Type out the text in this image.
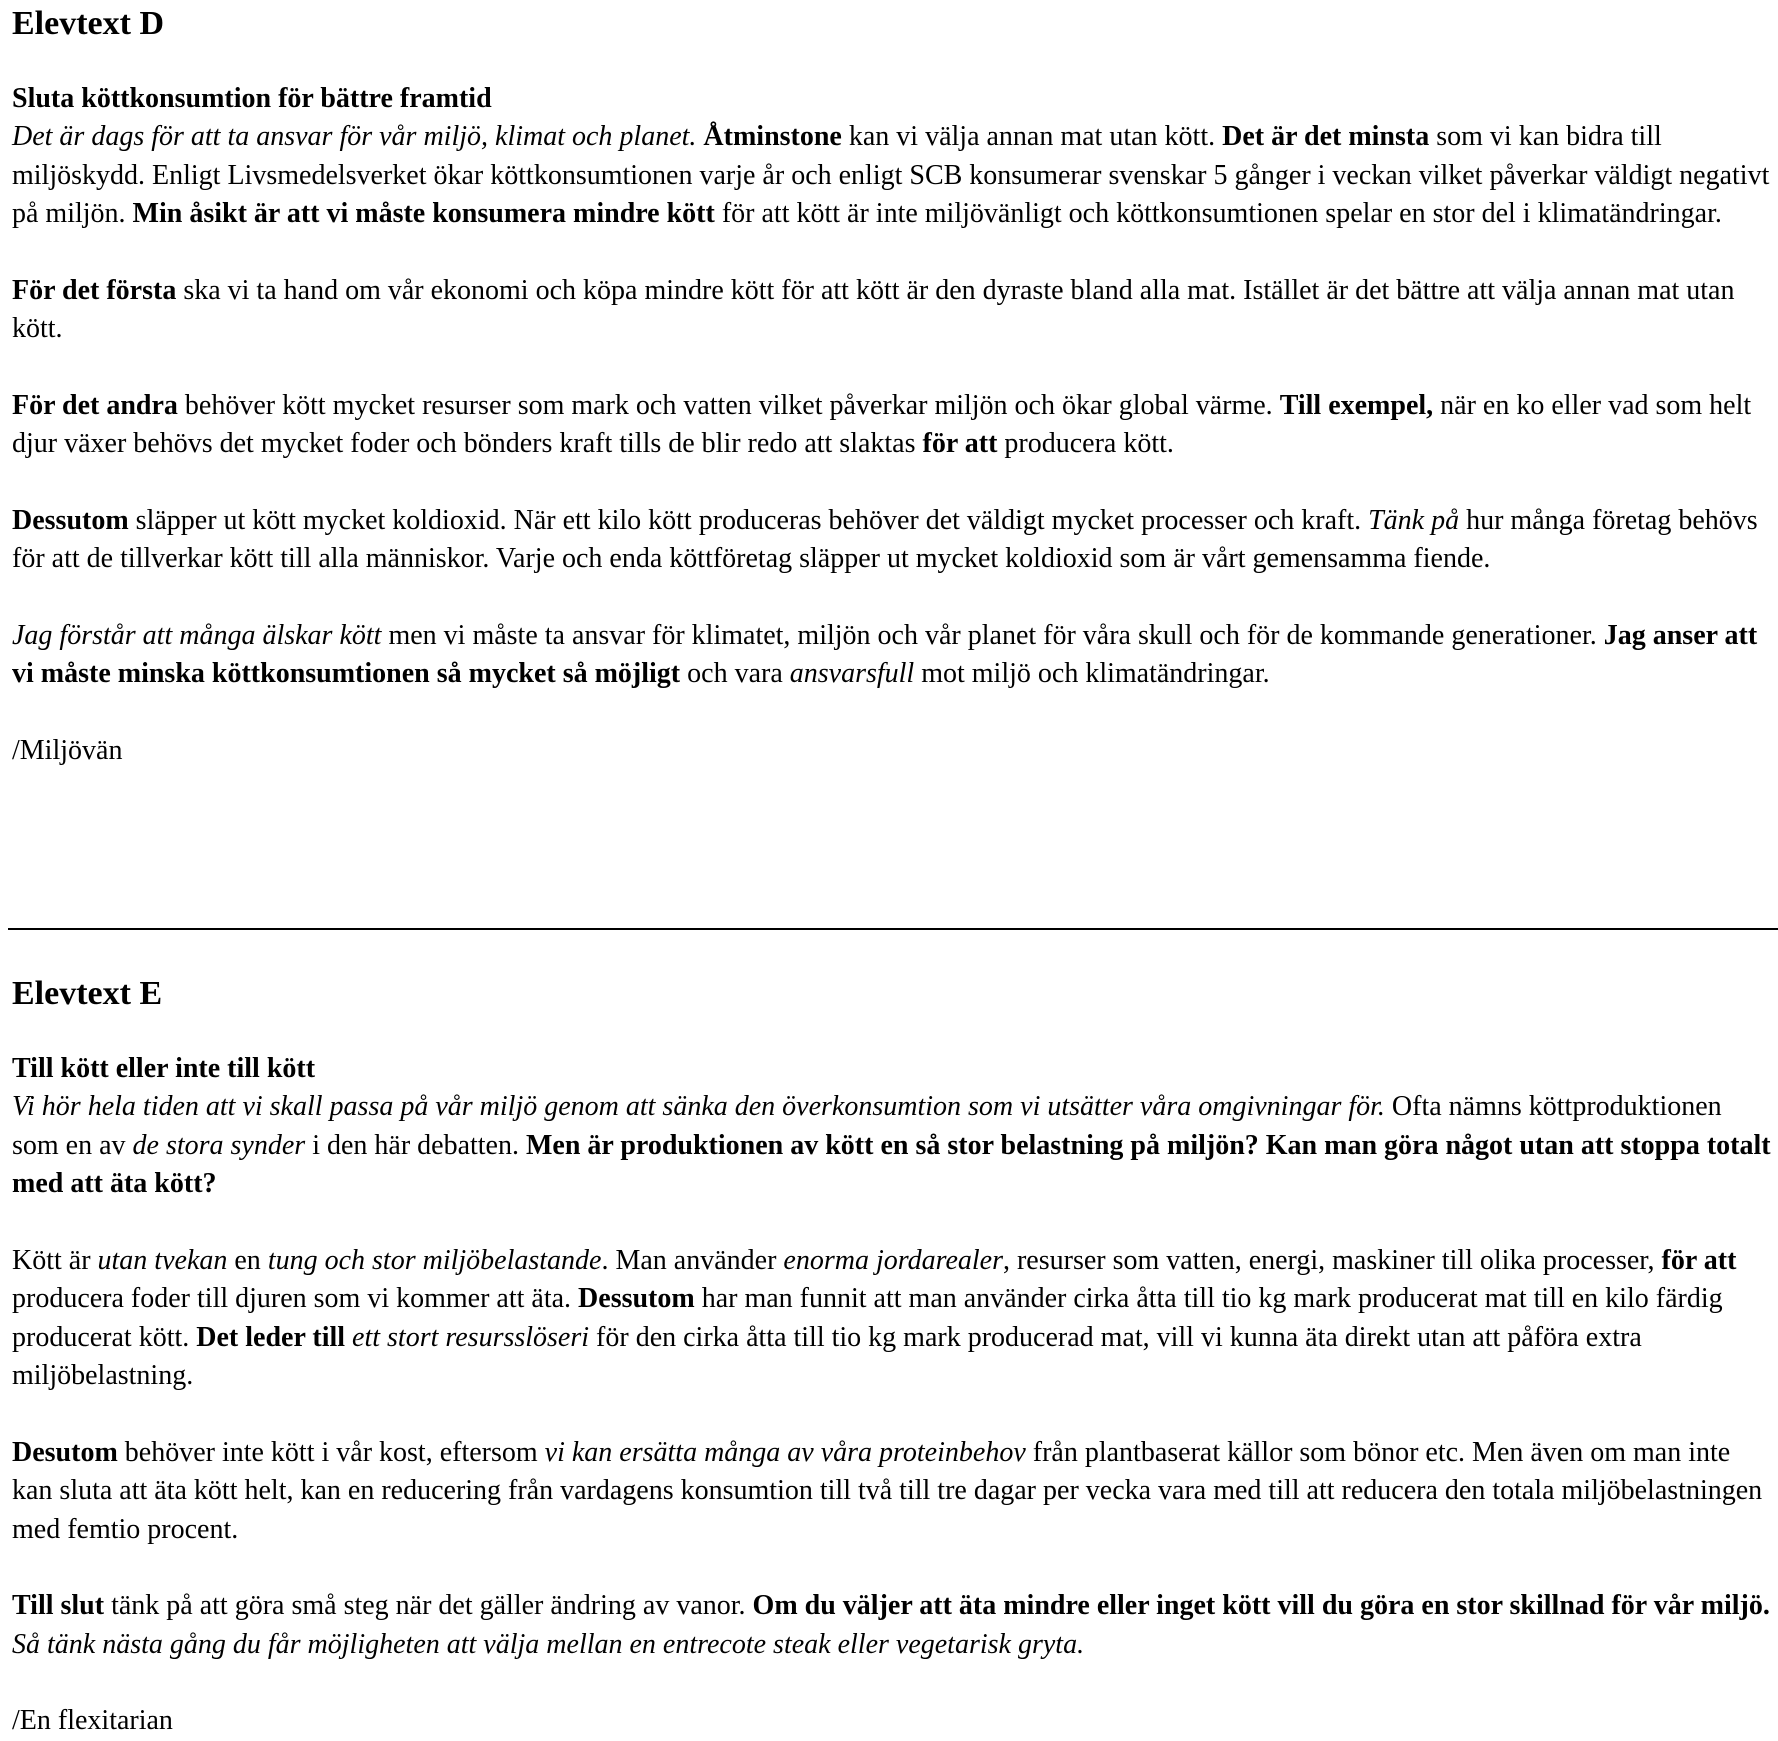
Elevtext D
Sluta köttkonsumtion för bättre framtid

Det är dags för att ta ansvar för vår miljö, klimat och planet. Åtminstone kan vi välja annan mat utan kött. Det är det minsta som vi kan bidra till miljöskydd. Enligt Livsmedelsverket ökar köttkonsumtionen varje år och enligt SCB konsumerar svenskar 5 gånger i veckan vilket påverkar väldigt negativt på miljön. Min åsikt är att vi måste konsumera mindre kött för att kött är inte miljövänligt och köttkonsumtionen spelar en stor del i klimatändringar.

För det första ska vi ta hand om vår ekonomi och köpa mindre kött för att kött är den dyraste bland alla mat. Istället är det bättre att välja annan mat utan kött.

För det andra behöver kött mycket resurser som mark och vatten vilket påverkar miljön och ökar global värme. Till exempel, när en ko eller vad som helt djur växer behövs det mycket foder och bönders kraft tills de blir redo att slaktas för att producera kött.

Dessutom släpper ut kött mycket koldioxid. När ett kilo kött produceras behöver det väldigt mycket processer och kraft. Tänk på hur många företag behövs för att de tillverkar kött till alla människor. Varje och enda köttföretag släpper ut mycket koldioxid som är vårt gemensamma fiende.

Jag förstår att många älskar kött men vi måste ta ansvar för klimatet, miljön och vår planet för våra skull och för de kommande generationer. Jag anser att vi måste minska köttkonsumtionen så mycket så möjligt och vara ansvarsfull mot miljö och klimatändringar.

/Miljövän

Elevtext E
Till kött eller inte till kött

Vi hör hela tiden att vi skall passa på vår miljö genom att sänka den överkonsumtion som vi utsätter våra omgivningar för. Ofta nämns köttproduktionen som en av de stora synder i den här debatten. Men är produktionen av kött en så stor belastning på miljön? Kan man göra något utan att stoppa totalt med att äta kött?

Kött är utan tvekan en tung och stor miljöbelastande. Man använder enorma jordarealer, resurser som vatten, energi, maskiner till olika processer, för att producera foder till djuren som vi kommer att äta. Dessutom har man funnit att man använder cirka åtta till tio kg mark producerat mat till en kilo färdig producerat kött. Det leder till ett stort resursslöseri för den cirka åtta till tio kg mark producerad mat, vill vi kunna äta direkt utan att påföra extra miljöbelastning.

Desutom behöver inte kött i vår kost, eftersom vi kan ersätta många av våra proteinbehov från plantbaserat källor som bönor etc. Men även om man inte kan sluta att äta kött helt, kan en reducering från vardagens konsumtion till två till tre dagar per vecka vara med till att reducera den totala miljöbelastningen med femtio procent.

Till slut tänk på att göra små steg när det gäller ändring av vanor. Om du väljer att äta mindre eller inget kött vill du göra en stor skillnad för vår miljö. Så tänk nästa gång du får möjligheten att välja mellan en entrecote steak eller vegetarisk gryta.

/En flexitarian
